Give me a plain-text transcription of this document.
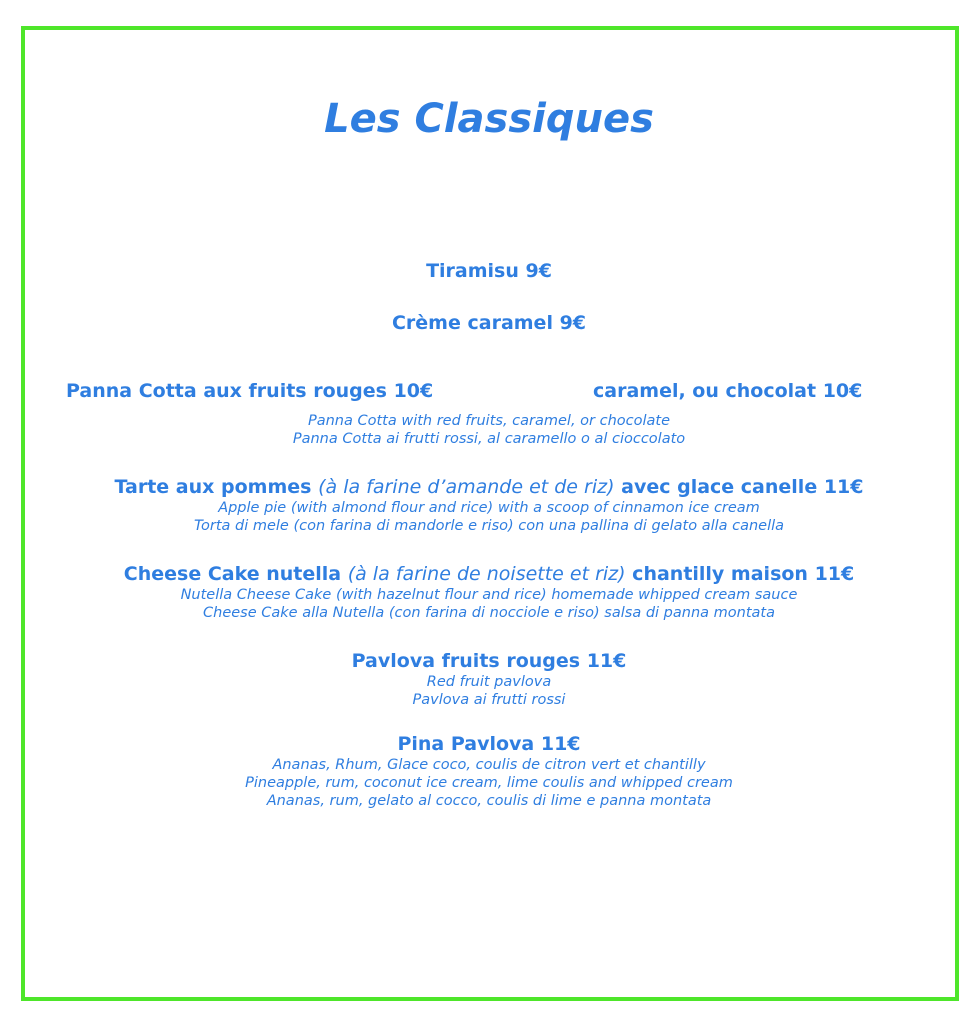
Les Classiques
Tiramisu 9€
Crème caramel 9€
Panna Cotta aux fruits rouges 10€	caramel, ou chocolat 10€
Panna Cotta with red fruits, caramel, or chocolate
Panna Cotta ai frutti rossi, al caramello o al cioccolato
Tarte aux pommes (à la farine d’amande et de riz) avec glace canelle 11€
Apple pie (with almond flour and rice) with a scoop of cinnamon ice cream
Torta di mele (con farina di mandorle e riso) con una pallina di gelato alla canella
Cheese Cake nutella (à la farine de noisette et riz) chantilly maison 11€
Nutella Cheese Cake (with hazelnut flour and rice) homemade whipped cream sauce
Cheese Cake alla Nutella (con farina di nocciole e riso) salsa di panna montata
Pavlova fruits rouges 11€
Red fruit pavlova
Pavlova ai frutti rossi
Pina Pavlova 11€
Ananas, Rhum, Glace coco, coulis de citron vert et chantilly
Pineapple, rum, coconut ice cream, lime coulis and whipped cream
Ananas, rum, gelato al cocco, coulis di lime e panna montata
